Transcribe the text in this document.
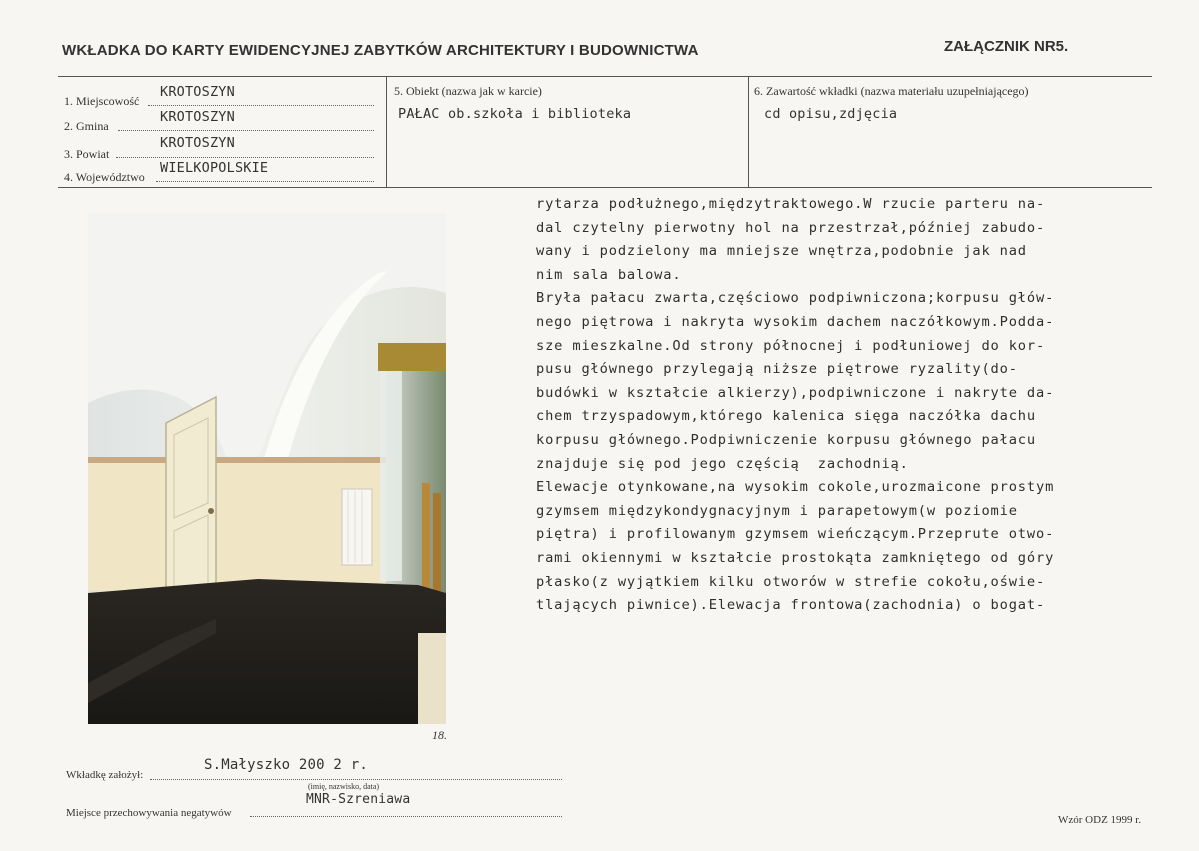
WKŁADKA DO KARTY EWIDENCYJNEJ ZABYTKÓW ARCHITEKTURY I BUDOWNICTWA	ZAŁĄCZNIK NR5.
1. Miejscowość
KROTOSZYN
2. Gmina
KROTOSZYN
3. Powiat
KROTOSZYN
4. Województwo
WIELKOPOLSKIE
5. Obiekt (nazwa jak w karcie)
PAŁAC ob.szkoła i biblioteka
6. Zawartość wkładki (nazwa materiału uzupełniającego)
cd opisu,zdjęcia
18.
rytarza podłużnego,międzytraktowego.W rzucie parteru na-
dal czytelny pierwotny hol na przestrzał,później zabudo-
wany i podzielony ma mniejsze wnętrza,podobnie jak nad
nim sala balowa.
Bryła pałacu zwarta,częściowo podpiwniczona;korpusu głów-
nego piętrowa i nakryta wysokim dachem naczółkowym.Podda-
sze mieszkalne.Od strony północnej i podłuniowej do kor-
pusu głównego przylegają niższe piętrowe ryzality(do-
budówki w kształcie alkierzy),podpiwniczone i nakryte da-
chem trzyspadowym,którego kalenica sięga naczółka dachu
korpusu głównego.Podpiwniczenie korpusu głównego pałacu
znajduje się pod jego częścią  zachodnią.
Elewacje otynkowane,na wysokim cokole,urozmaicone prostym
gzymsem międzykondygnacyjnym i parapetowym(w poziomie
piętra) i profilowanym gzymsem wieńczącym.Przeprute otwo-
rami okiennymi w kształcie prostokąta zamkniętego od góry
płasko(z wyjątkiem kilku otworów w strefie cokołu,oświe-
tlających piwnice).Elewacja frontowa(zachodnia) o bogat-
Wkładkę założył:
S.Małyszko 200 2 r.
(imię, nazwisko, data)
Miejsce przechowywania negatywów
MNR-Szreniawa
Wzór ODZ 1999 r.
